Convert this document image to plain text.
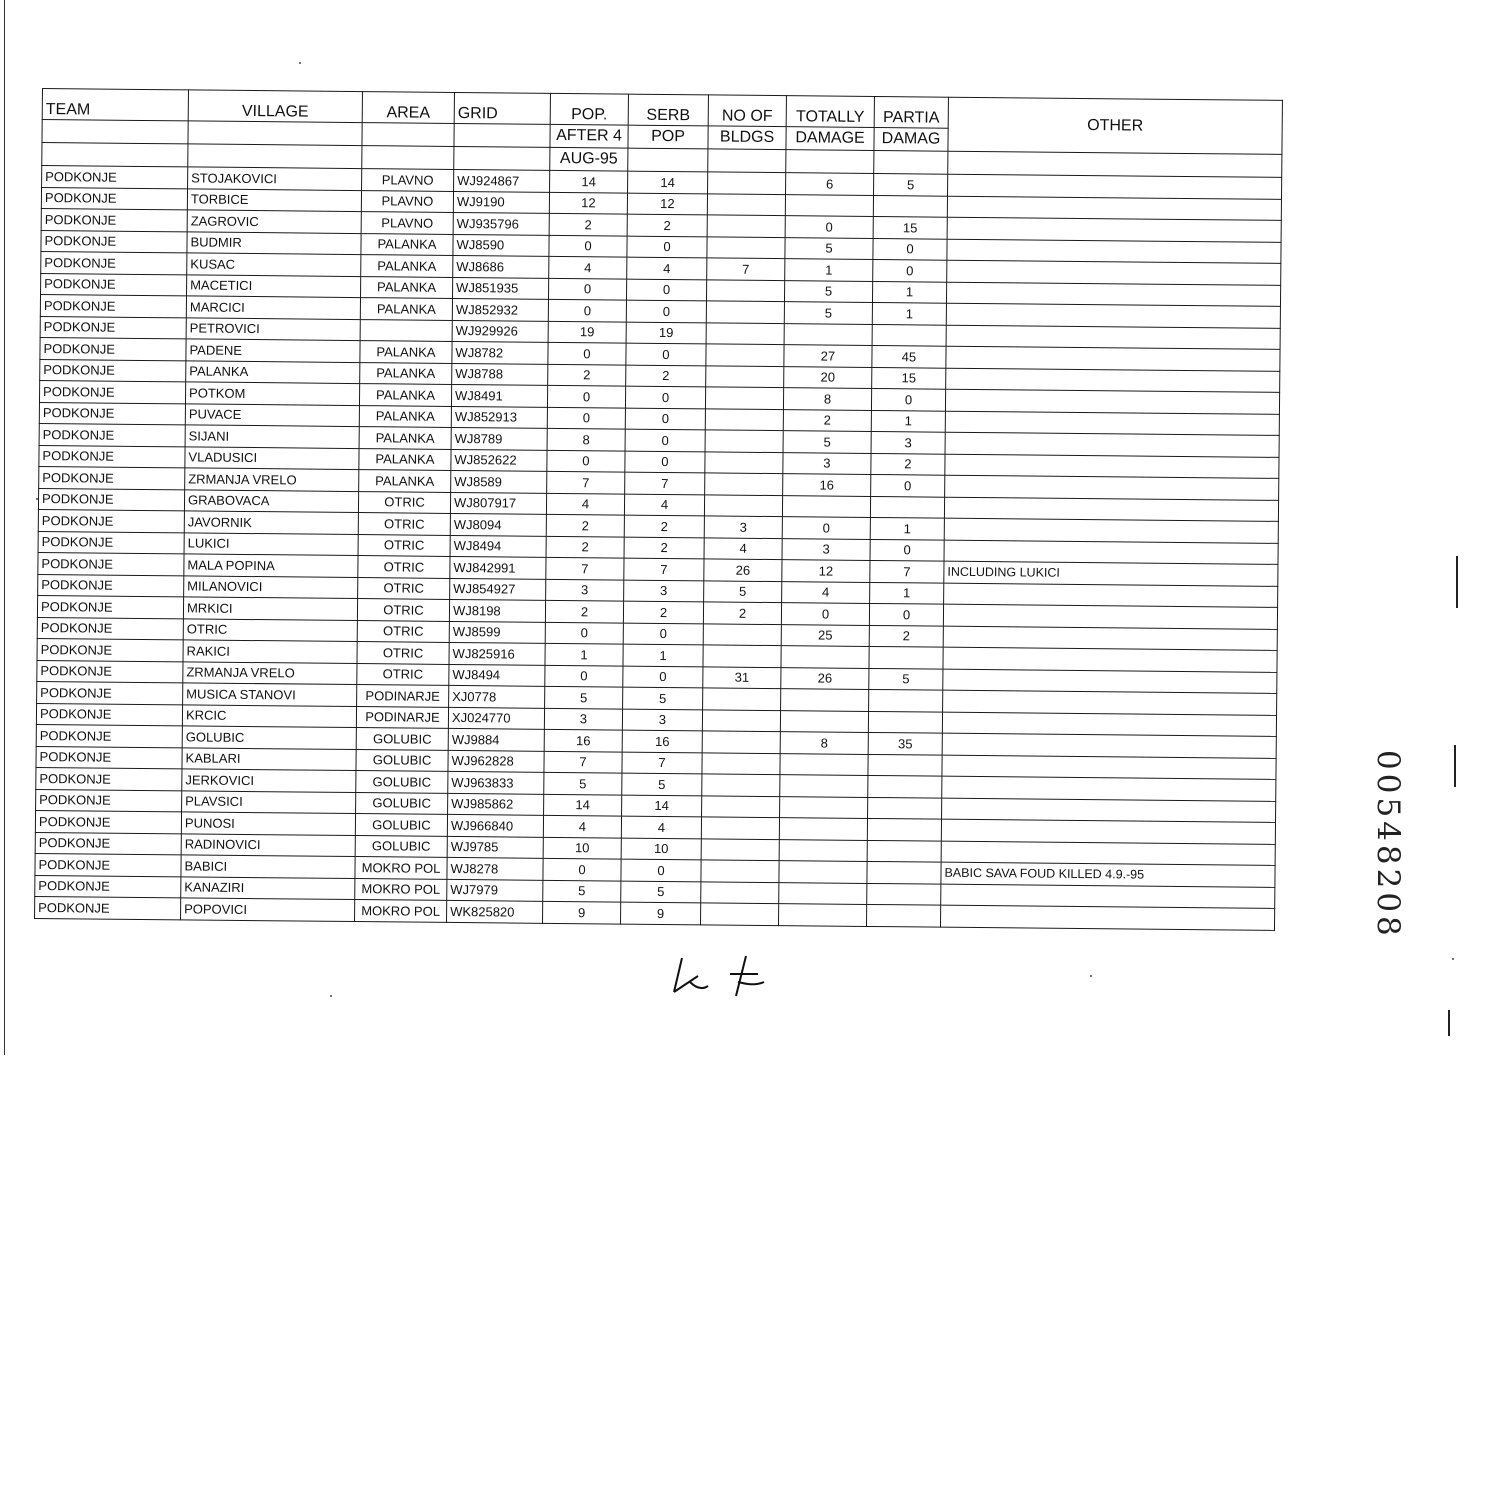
TEAM	VILLAGE	AREA	GRID	POP.	SERB	NO OF	TOTALLY	PARTIA	OTHER
				AFTER 4	POP	BLDGS	DAMAGE	DAMAG	
				AUG-95					
PODKONJE	STOJAKOVICI	PLAVNO	WJ924867	14	14		6	5	
PODKONJE	TORBICE	PLAVNO	WJ9190	12	12				
PODKONJE	ZAGROVIC	PLAVNO	WJ935796	2	2		0	15	
PODKONJE	BUDMIR	PALANKA	WJ8590	0	0		5	0	
PODKONJE	KUSAC	PALANKA	WJ8686	4	4	7	1	0	
PODKONJE	MACETICI	PALANKA	WJ851935	0	0		5	1	
PODKONJE	MARCICI	PALANKA	WJ852932	0	0		5	1	
PODKONJE	PETROVICI		WJ929926	19	19				
PODKONJE	PADENE	PALANKA	WJ8782	0	0		27	45	
PODKONJE	PALANKA	PALANKA	WJ8788	2	2		20	15	
PODKONJE	POTKOM	PALANKA	WJ8491	0	0		8	0	
PODKONJE	PUVACE	PALANKA	WJ852913	0	0		2	1	
PODKONJE	SIJANI	PALANKA	WJ8789	8	0		5	3	
PODKONJE	VLADUSICI	PALANKA	WJ852622	0	0		3	2	
PODKONJE	ZRMANJA VRELO	PALANKA	WJ8589	7	7		16	0	
PODKONJE	GRABOVACA	OTRIC	WJ807917	4	4				
PODKONJE	JAVORNIK	OTRIC	WJ8094	2	2	3	0	1	
PODKONJE	LUKICI	OTRIC	WJ8494	2	2	4	3	0	
PODKONJE	MALA POPINA	OTRIC	WJ842991	7	7	26	12	7	INCLUDING LUKICI
PODKONJE	MILANOVICI	OTRIC	WJ854927	3	3	5	4	1	
PODKONJE	MRKICI	OTRIC	WJ8198	2	2	2	0	0	
PODKONJE	OTRIC	OTRIC	WJ8599	0	0		25	2	
PODKONJE	RAKICI	OTRIC	WJ825916	1	1				
PODKONJE	ZRMANJA VRELO	OTRIC	WJ8494	0	0	31	26	5	
PODKONJE	MUSICA STANOVI	PODINARJE	XJ0778	5	5				
PODKONJE	KRCIC	PODINARJE	XJ024770	3	3				
PODKONJE	GOLUBIC	GOLUBIC	WJ9884	16	16		8	35	
PODKONJE	KABLARI	GOLUBIC	WJ962828	7	7				
PODKONJE	JERKOVICI	GOLUBIC	WJ963833	5	5				
PODKONJE	PLAVSICI	GOLUBIC	WJ985862	14	14				
PODKONJE	PUNOSI	GOLUBIC	WJ966840	4	4				
PODKONJE	RADINOVICI	GOLUBIC	WJ9785	10	10				
PODKONJE	BABICI	MOKRO POL	WJ8278	0	0				BABIC SAVA FOUD KILLED 4.9.-95
PODKONJE	KANAZIRI	MOKRO POL	WJ7979	5	5				
PODKONJE	POPOVICI	MOKRO POL	WK825820	9	9					00548208
